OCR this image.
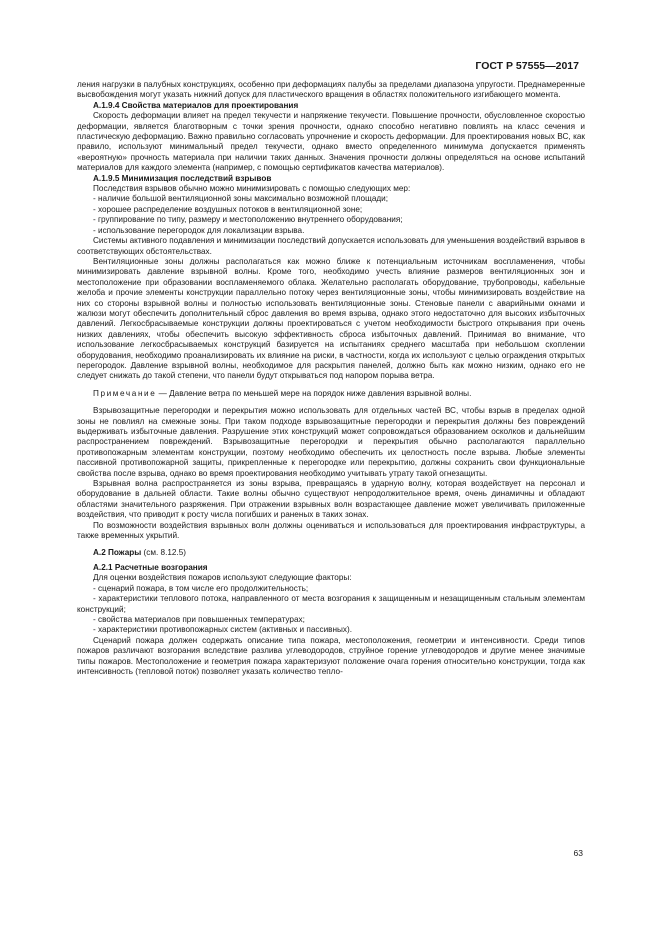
ГОСТ Р 57555—2017

ления нагрузки в палубных конструкциях, особенно при деформациях палубы за пределами диапазона упругости. Преднамеренные высвобождения могут указать нижний допуск для пластического вращения в областях положительного изгибающего момента.

А.1.9.4 Свойства материалов для проектирования

Скорость деформации влияет на предел текучести и напряжение текучести. Повышение прочности, обусловленное скоростью деформации, является благотворным с точки зрения прочности, однако способно негативно повлиять на класс сечения и пластическую деформацию. Важно правильно согласовать упрочнение и скорость деформации. Для проектирования новых ВС, как правило, используют минимальный предел текучести, однако вместо определенного минимума допускается применять «вероятную» прочность материала при наличии таких данных. Значения прочности должны определяться на основе испытаний материалов для каждого элемента (например, с помощью сертификатов качества материалов).

А.1.9.5 Минимизация последствий взрывов

Последствия взрывов обычно можно минимизировать с помощью следующих мер:

- наличие большой вентиляционной зоны максимально возможной площади;

- хорошее распределение воздушных потоков в вентиляционной зоне;

- группирование по типу, размеру и местоположению внутреннего оборудования;

- использование перегородок для локализации взрыва.

Системы активного подавления и минимизации последствий допускается использовать для уменьшения воздействий взрывов в соответствующих обстоятельствах.

Вентиляционные зоны должны располагаться как можно ближе к потенциальным источникам воспламенения, чтобы минимизировать давление взрывной волны. Кроме того, необходимо учесть влияние размеров вентиляционных зон и местоположение при образовании воспламеняемого облака. Желательно располагать оборудование, трубопроводы, кабельные желоба и прочие элементы конструкции параллельно потоку через вентиляционные зоны, чтобы минимизировать воздействие на них со стороны взрывной волны и полностью использовать вентиляционные зоны. Стеновые панели с аварийными окнами и жалюзи могут обеспечить дополнительный сброс давления во время взрыва, однако этого недостаточно для высоких избыточных давлений. Легкосбрасываемые конструкции должны проектироваться с учетом необходимости быстрого открывания при очень низких давлениях, чтобы обеспечить высокую эффективность сброса избыточных давлений. Принимая во внимание, что использование легкосбрасываемых конструкций базируется на испытаниях среднего масштаба при небольшом скоплении оборудования, необходимо проанализировать их влияние на риски, в частности, когда их используют с целью ограждения открытых перегородок. Давление взрывной волны, необходимое для раскрытия панелей, должно быть как можно низким, однако его не следует снижать до такой степени, что панели будут открываться под напором порыва ветра.

Примечание — Давление ветра по меньшей мере на порядок ниже давления взрывной волны.

Взрывозащитные перегородки и перекрытия можно использовать для отдельных частей ВС, чтобы взрыв в пределах одной зоны не повлиял на смежные зоны. При таком подходе взрывозащитные перегородки и перекрытия должны без повреждений выдерживать избыточные давления. Разрушение этих конструкций может сопровождаться образованием осколков и дальнейшим распространением повреждений. Взрывозащитные перегородки и перекрытия обычно располагаются параллельно противопожарным элементам конструкции, поэтому необходимо обеспечить их целостность после взрыва. Любые элементы пассивной противопожарной защиты, прикрепленные к перегородке или перекрытию, должны сохранить свои функциональные свойства после взрыва, однако во время проектирования необходимо учитывать утрату такой огнезащиты.

Взрывная волна распространяется из зоны взрыва, превращаясь в ударную волну, которая воздействует на персонал и оборудование в дальней области. Такие волны обычно существуют непродолжительное время, очень динамичны и обладают областями значительного разряжения. При отражении взрывных волн возрастающее давление может увеличивать приложенные воздействия, что приводит к росту числа погибших и раненых в таких зонах.

По возможности воздействия взрывных волн должны оцениваться и использоваться для проектирования инфраструктуры, а также временных укрытий.

А.2 Пожары (см. 8.12.5)

А.2.1 Расчетные возгорания

Для оценки воздействия пожаров используют следующие факторы:

- сценарий пожара, в том числе его продолжительность;

- характеристики теплового потока, направленного от места возгорания к защищенным и незащищенным стальным элементам конструкций;

- свойства материалов при повышенных температурах;

- характеристики противопожарных систем (активных и пассивных).

Сценарий пожара должен содержать описание типа пожара, местоположения, геометрии и интенсивности. Среди типов пожаров различают возгорания вследствие разлива углеводородов, струйное горение углеводородов и другие менее значимые типы пожаров. Местоположение и геометрия пожара характеризуют положение очага горения относительно конструкции, тогда как интенсивность (тепловой поток) позволяет указать количество тепло-

63
